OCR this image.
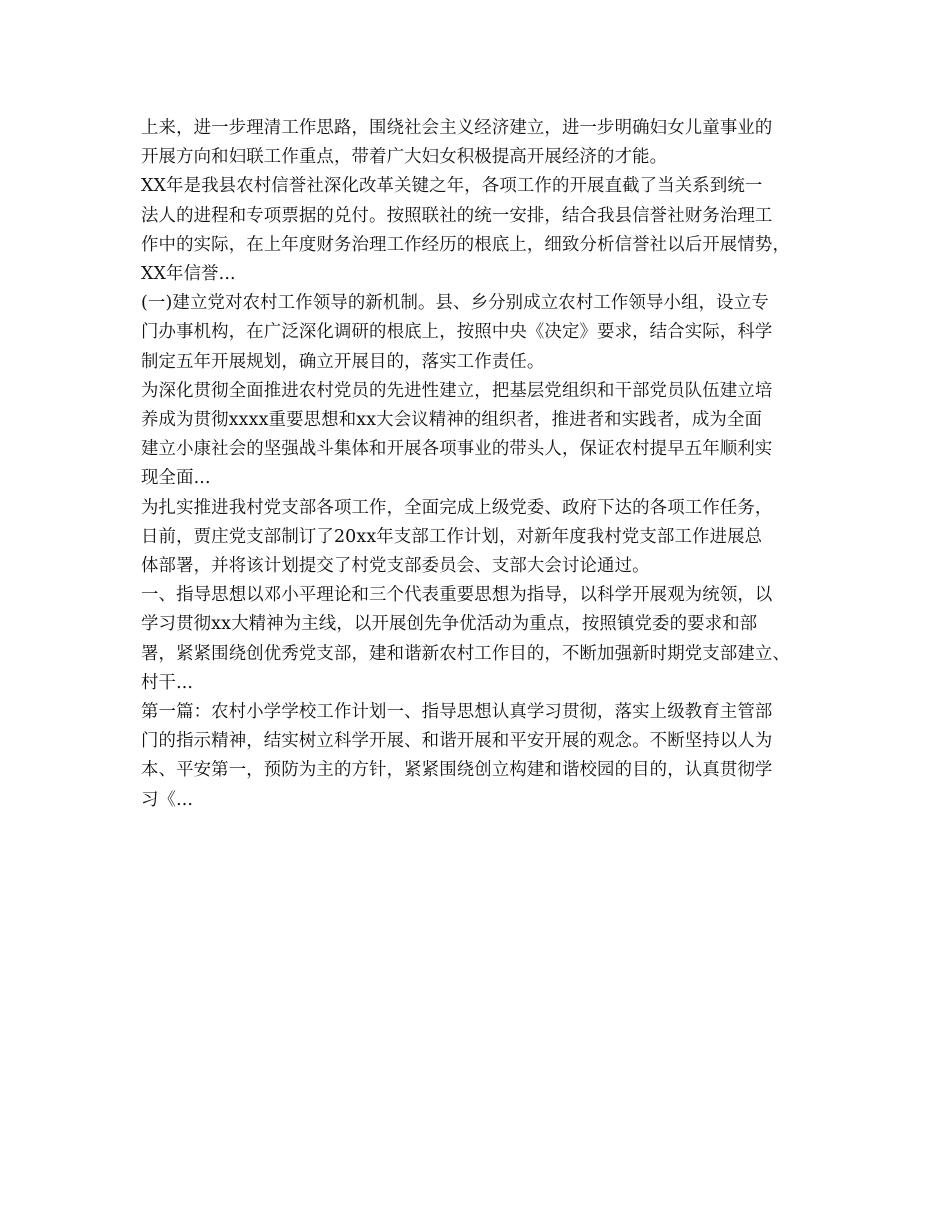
上来，进一步理清工作思路，围绕社会主义经济建立，进一步明确妇女儿童事业的
开展方向和妇联工作重点，带着广大妇女积极提高开展经济的才能。
XX年是我县农村信誉社深化改革关键之年，各项工作的开展直截了当关系到统一
法人的进程和专项票据的兑付。按照联社的统一安排，结合我县信誉社财务治理工
作中的实际，在上年度财务治理工作经历的根底上，细致分析信誉社以后开展情势，
XX年信誉...
(一)建立党对农村工作领导的新机制。县、乡分别成立农村工作领导小组，设立专
门办事机构，在广泛深化调研的根底上，按照中央《决定》要求，结合实际，科学
制定五年开展规划，确立开展目的，落实工作责任。
为深化贯彻全面推进农村党员的先进性建立，把基层党组织和干部党员队伍建立培
养成为贯彻xxxx重要思想和xx大会议精神的组织者，推进者和实践者，成为全面
建立小康社会的坚强战斗集体和开展各项事业的带头人，保证农村提早五年顺利实
现全面...
为扎实推进我村党支部各项工作，全面完成上级党委、政府下达的各项工作任务，
日前，贾庄党支部制订了20xx年支部工作计划，对新年度我村党支部工作进展总
体部署，并将该计划提交了村党支部委员会、支部大会讨论通过。
一、指导思想以邓小平理论和三个代表重要思想为指导，以科学开展观为统领，以
学习贯彻xx大精神为主线，以开展创先争优活动为重点，按照镇党委的要求和部
署，紧紧围绕创优秀党支部，建和谐新农村工作目的，不断加强新时期党支部建立、
村干...
第一篇：农村小学学校工作计划一、指导思想认真学习贯彻，落实上级教育主管部
门的指示精神，结实树立科学开展、和谐开展和平安开展的观念。不断坚持以人为
本、平安第一，预防为主的方针，紧紧围绕创立构建和谐校园的目的，认真贯彻学
习《...
